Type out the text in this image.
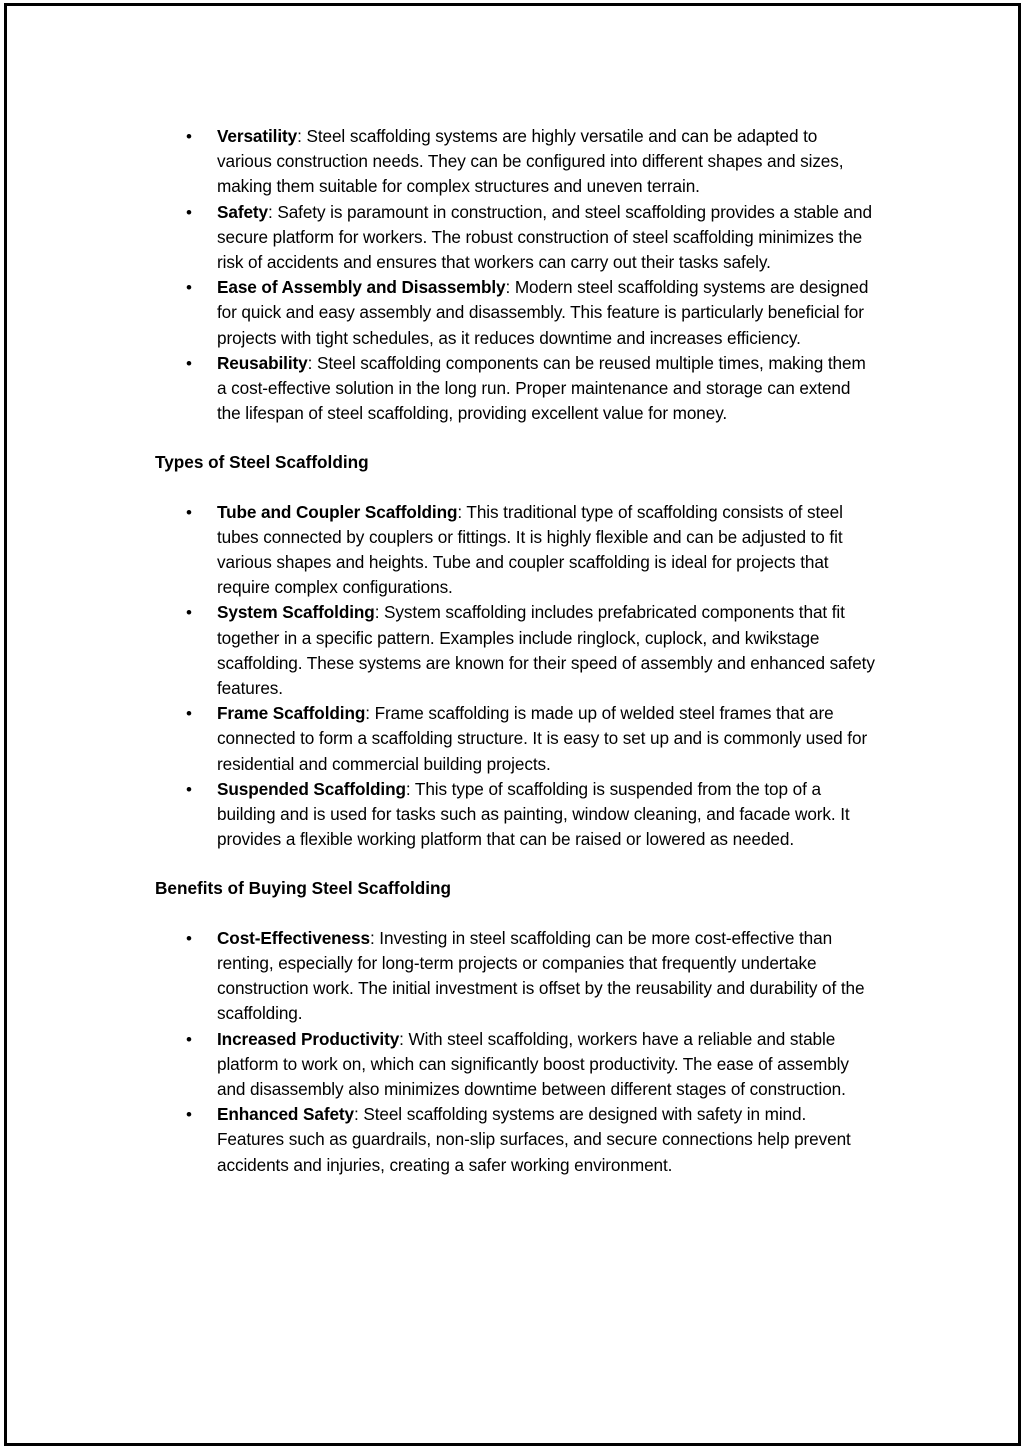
• Versatility: Steel scaffolding systems are highly versatile and can be adapted to various construction needs. They can be configured into different shapes and sizes, making them suitable for complex structures and uneven terrain.
• Safety: Safety is paramount in construction, and steel scaffolding provides a stable and secure platform for workers. The robust construction of steel scaffolding minimizes the risk of accidents and ensures that workers can carry out their tasks safely.
• Ease of Assembly and Disassembly: Modern steel scaffolding systems are designed for quick and easy assembly and disassembly. This feature is particularly beneficial for projects with tight schedules, as it reduces downtime and increases efficiency.
• Reusability: Steel scaffolding components can be reused multiple times, making them a cost-effective solution in the long run. Proper maintenance and storage can extend the lifespan of steel scaffolding, providing excellent value for money.

Types of Steel Scaffolding

• Tube and Coupler Scaffolding: This traditional type of scaffolding consists of steel tubes connected by couplers or fittings. It is highly flexible and can be adjusted to fit various shapes and heights. Tube and coupler scaffolding is ideal for projects that require complex configurations.
• System Scaffolding: System scaffolding includes prefabricated components that fit together in a specific pattern. Examples include ringlock, cuplock, and kwikstage scaffolding. These systems are known for their speed of assembly and enhanced safety features.
• Frame Scaffolding: Frame scaffolding is made up of welded steel frames that are connected to form a scaffolding structure. It is easy to set up and is commonly used for residential and commercial building projects.
• Suspended Scaffolding: This type of scaffolding is suspended from the top of a building and is used for tasks such as painting, window cleaning, and facade work. It provides a flexible working platform that can be raised or lowered as needed.

Benefits of Buying Steel Scaffolding

• Cost-Effectiveness: Investing in steel scaffolding can be more cost-effective than renting, especially for long-term projects or companies that frequently undertake construction work. The initial investment is offset by the reusability and durability of the scaffolding.
• Increased Productivity: With steel scaffolding, workers have a reliable and stable platform to work on, which can significantly boost productivity. The ease of assembly and disassembly also minimizes downtime between different stages of construction.
• Enhanced Safety: Steel scaffolding systems are designed with safety in mind. Features such as guardrails, non-slip surfaces, and secure connections help prevent accidents and injuries, creating a safer working environment.
